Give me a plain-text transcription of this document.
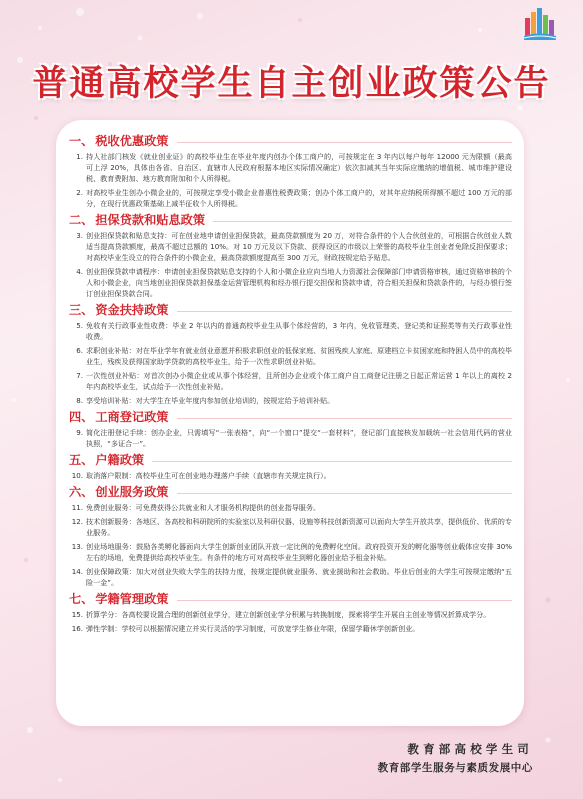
普通高校学生自主创业政策公告
一、 税收优惠政策
1. 持人社部门核发《就业创业证》的高校毕业生在毕业年度内创办个体工商户的，可按规定在 3 年内以每户每年 12000 元为限额（最高可上浮 20%，具体由各省、自治区、直辖市人民政府根据本地区实际情况确定）依次扣减其当年实际应缴纳的增值税、城市维护建设税、教育费附加、地方教育附加和个人所得税。
2. 对高校毕业生创办小微企业的，可按规定享受小微企业普惠性税费政策；创办个体工商户的，对其年应纳税所得额不超过 100 万元的部分，在现行优惠政策基础上减半征收个人所得税。
二、 担保贷款和贴息政策
3. 创业担保贷款和贴息支持：可在创业地申请创业担保贷款，最高贷款额度为 20 万，对符合条件的个人合伙创业的，可根据合伙创业人数适当提高贷款额度，最高不超过总额的 10%。对 10 万元及以下贷款、获得设区的市级以上荣誉的高校毕业生创业者免除反担保要求；对高校毕业生设立的符合条件的小微企业，最高贷款额度提高至 300 万元，财政按规定给予贴息。
4. 创业担保贷款申请程序：申请创业担保贷款贴息支持的个人和小微企业应向当地人力资源社会保障部门申请资格审核，通过资格审核的个人和小微企业，向当地创业担保贷款担保基金运营管理机构和经办银行提交担保和贷款申请，符合相关担保和贷款条件的，与经办银行签订创业担保贷款合同。
三、 资金扶持政策
5. 免收有关行政事业性收费：毕业 2 年以内的普通高校毕业生从事个体经营的，3 年内，免收管理类、登记类和证照类等有关行政事业性收费。
6. 求职创业补贴：对在毕业学年有就业创业意愿并积极求职创业的低保家庭、贫困残疾人家庭、原建档立卡贫困家庭和特困人员中的高校毕业生，残疾及获得国家助学贷款的高校毕业生，给予一次性求职创业补贴。
7. 一次性创业补贴：对首次创办小微企业或从事个体经营，且所创办企业或个体工商户自工商登记注册之日起正常运营 1 年以上的离校 2 年内高校毕业生，试点给予一次性创业补贴。
8. 享受培训补贴：对大学生在毕业年度内参加创业培训的，按规定给予培训补贴。
四、 工商登记政策
9. 简化注册登记手续：创办企业，只需填写“一张表格”，向“一个窗口”提交“一套材料”，登记部门直接核发加载统一社会信用代码的营业执照，“多证合一”。
五、 户籍政策
10. 取消落户限制：高校毕业生可在创业地办理落户手续（直辖市有关规定执行）。
六、 创业服务政策
11. 免费创业服务：可免费获得公共就业和人才服务机构提供的创业指导服务。
12. 技术创新服务：各地区、各高校和科研院所的实验室以及科研仪器、设施等科技创新资源可以面向大学生开放共享，提供低价、优质的专业服务。
13. 创业场地服务：鼓励各类孵化器面向大学生创新创业团队开放一定比例的免费孵化空间。政府投资开发的孵化器等创业载体应安排 30% 左右的场地，免费提供给高校毕业生。有条件的地方可对高校毕业生到孵化器创业给予租金补贴。
14. 创业保障政策：加大对创业失败大学生的扶持力度，按规定提供就业服务、就业援助和社会救助。毕业后创业的大学生可按规定缴纳“五险一金”。
七、 学籍管理政策
15. 折算学分：各高校要设置合理的创新创业学分，建立创新创业学分积累与转换制度，探索将学生开展自主创业等情况折算成学分。
16. 弹性学制：学校可以根据情况建立并实行灵活的学习制度，可放宽学生修业年限，保留学籍休学创新创业。
教育部高校学生司
教育部学生服务与素质发展中心
